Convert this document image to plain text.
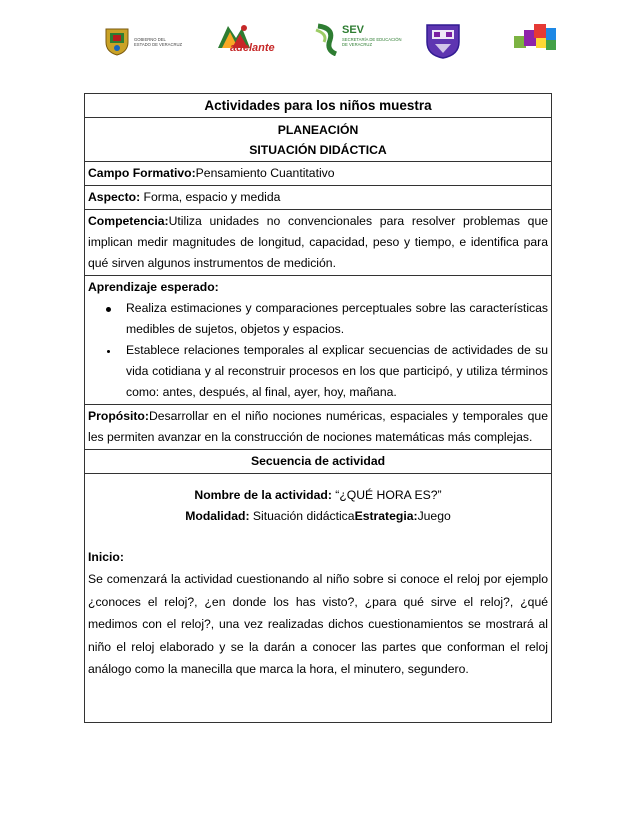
GOBIERNO DEL
ESTADO DE VERACRUZ	adelante
SEV
SECRETARÍA DE EDUCACIÓN
DE VERACRUZ
Actividades para los niños muestra

PLANEACIÓN
SITUACIÓN DIDÁCTICA

Campo Formativo:Pensamiento Cuantitativo
Aspecto: Forma, espacio y medida
Competencia:Utiliza unidades no convencionales para resolver problemas que implican medir magnitudes de longitud, capacidad, peso y tiempo, e identifica para qué sirven algunos instrumentos de medición.

Aprendizaje esperado:
Realiza estimaciones y comparaciones perceptuales sobre las características medibles de sujetos, objetos y espacios.
Establece relaciones temporales al explicar secuencias de actividades de su vida cotidiana y al reconstruir procesos en los que participó, y utiliza términos como: antes, después, al final, ayer, hoy, mañana.

Propósito:Desarrollar en el niño nociones numéricas, espaciales y temporales que les permiten avanzar en la construcción de nociones matemáticas más complejas.
Secuencia de actividad

Nombre de la actividad: “¿QUÉ HORA ES?”
Modalidad: Situación didácticaEstrategia:Juego
Inicio:
Se comenzará la actividad cuestionando al niño sobre si conoce el reloj por ejemplo ¿conoces el reloj?, ¿en donde los has visto?, ¿para qué sirve el reloj?, ¿qué medimos con el reloj?, una vez realizadas dichos cuestionamientos se mostrará al niño el reloj elaborado y se la darán a conocer las partes que conforman el reloj análogo como la manecilla que marca la hora, el minutero, segundero.
